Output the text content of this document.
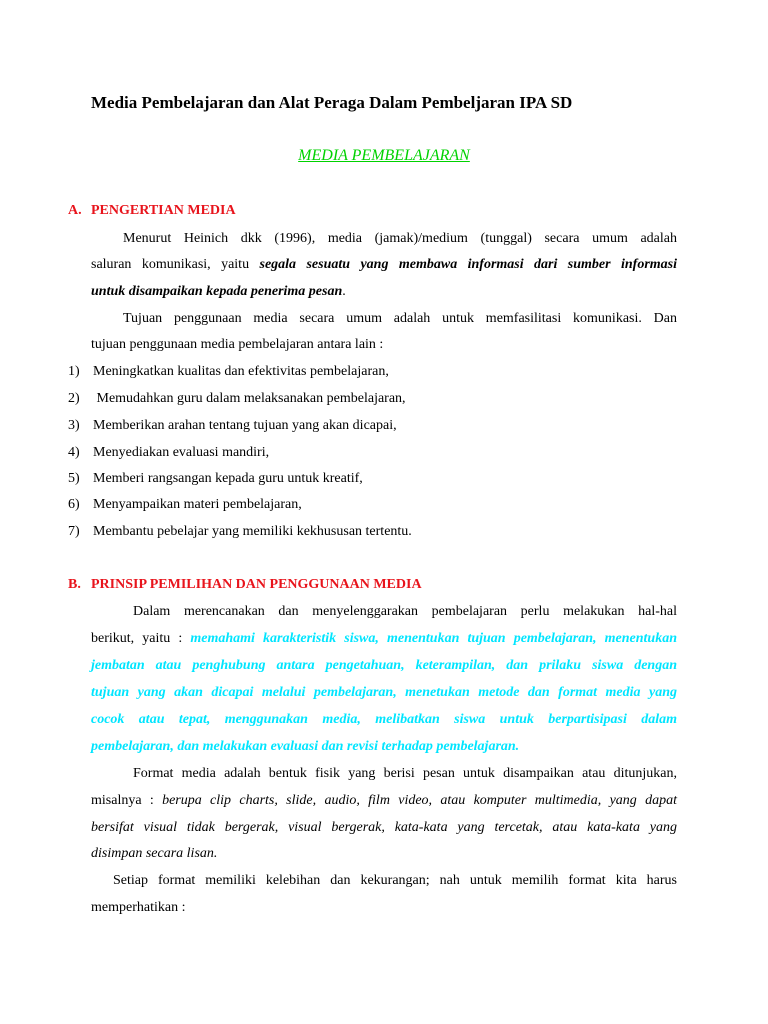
Media Pembelajaran dan Alat Peraga Dalam Pembeljaran IPA SD
MEDIA PEMBELAJARAN
A. PENGERTIAN MEDIA
Menurut Heinich dkk (1996), media (jamak)/medium (tunggal) secara umum adalah
saluran komunikasi, yaitu segala sesuatu yang membawa informasi dari sumber informasi
untuk disampaikan kepada penerima pesan.
Tujuan penggunaan media secara umum adalah untuk memfasilitasi komunikasi. Dan
tujuan penggunaan media pembelajaran antara lain :
1) Meningkatkan kualitas dan efektivitas pembelajaran,
2) Memudahkan guru dalam melaksanakan pembelajaran,
3) Memberikan arahan tentang tujuan yang akan dicapai,
4) Menyediakan evaluasi mandiri,
5) Memberi rangsangan kepada guru untuk kreatif,
6) Menyampaikan materi pembelajaran,
7) Membantu pebelajar yang memiliki kekhususan tertentu.
B. PRINSIP PEMILIHAN DAN PENGGUNAAN MEDIA
Dalam merencanakan dan menyelenggarakan pembelajaran perlu melakukan hal-hal
berikut, yaitu : memahami karakteristik siswa, menentukan tujuan pembelajaran, menentukan
jembatan atau penghubung antara pengetahuan, keterampilan, dan prilaku siswa dengan
tujuan yang akan dicapai melalui pembelajaran, menetukan metode dan format media yang
cocok atau tepat, menggunakan media, melibatkan siswa untuk berpartisipasi dalam
pembelajaran, dan melakukan evaluasi dan revisi terhadap pembelajaran.
Format media adalah bentuk fisik yang berisi pesan untuk disampaikan atau ditunjukan,
misalnya : berupa clip charts, slide, audio, film video, atau komputer multimedia, yang dapat
bersifat visual tidak bergerak, visual bergerak, kata-kata yang tercetak, atau kata-kata yang
disimpan secara lisan.
Setiap format memiliki kelebihan dan kekurangan; nah untuk memilih format kita harus
memperhatikan :
